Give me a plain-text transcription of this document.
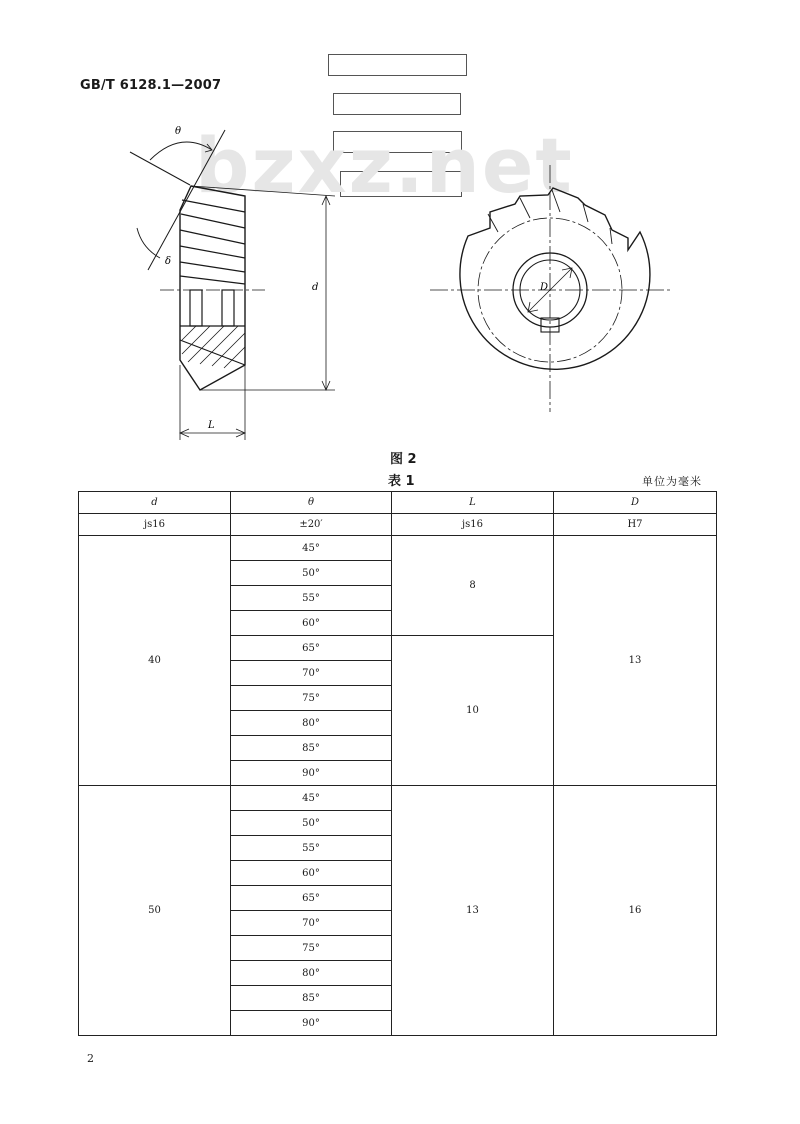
GB/T 6128.1—2007
bzxz.net
θ
δ
d
L
D
图 2
表 1	单位为毫米
d	θ	L	D
js16	±20′	js16	H7
40	45°	8	13
	50°		
	55°		
	60°		
	65°	10	
	70°		
	75°		
	80°		
	85°		
	90°		
50	45°	13	16
	50°		
	55°		
	60°		
	65°		
	70°		
	75°		
	80°		
	85°		
	90°		
2
